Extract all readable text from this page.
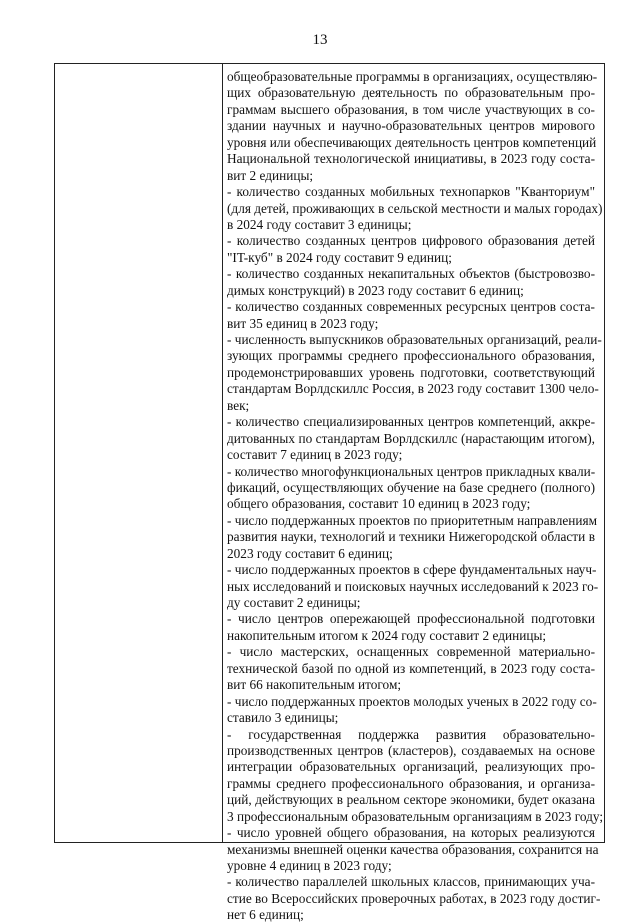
13
общеобразовательные программы в организациях, осуществляю-
щих образовательную деятельность по образовательным про-
граммам высшего образования, в том числе участвующих в со-
здании научных и научно-образовательных центров мирового
уровня или обеспечивающих деятельность центров компетенций
Национальной технологической инициативы, в 2023 году соста-
вит 2 единицы;
- количество созданных мобильных технопарков "Кванториум"
(для детей, проживающих в сельской местности и малых городах)
в 2024 году составит 3 единицы;
- количество созданных центров цифрового образования детей
"IT-куб" в 2024 году составит 9 единиц;
- количество созданных некапитальных объектов (быстровозво-
димых конструкций) в 2023 году составит 6 единиц;
- количество созданных современных ресурсных центров соста-
вит 35 единиц в 2023 году;
- численность выпускников образовательных организаций, реали-
зующих программы среднего профессионального образования,
продемонстрировавших уровень подготовки, соответствующий
стандартам Ворлдскиллс Россия, в 2023 году составит 1300 чело-
век;
- количество специализированных центров компетенций, аккре-
дитованных по стандартам Ворлдскиллс (нарастающим итогом),
составит 7 единиц в 2023 году;
- количество многофункциональных центров прикладных квали-
фикаций, осуществляющих обучение на базе среднего (полного)
общего образования, составит 10 единиц в 2023 году;
- число поддержанных проектов по приоритетным направлениям
развития науки, технологий и техники Нижегородской области в
2023 году составит 6 единиц;
- число поддержанных проектов в сфере фундаментальных науч-
ных исследований и поисковых научных исследований к 2023 го-
ду составит 2 единицы;
- число центров опережающей профессиональной подготовки
накопительным итогом к 2024 году составит 2 единицы;
- число мастерских, оснащенных современной материально-
технической базой по одной из компетенций, в 2023 году соста-
вит 66 накопительным итогом;
- число поддержанных проектов молодых ученых в 2022 году со-
ставило 3 единицы;
- государственная поддержка развития образовательно-
производственных центров (кластеров), создаваемых на основе
интеграции образовательных организаций, реализующих про-
граммы среднего профессионального образования, и организа-
ций, действующих в реальном секторе экономики, будет оказана
3 профессиональным образовательным организациям в 2023 году;
- число уровней общего образования, на которых реализуются
механизмы внешней оценки качества образования, сохранится на
уровне 4 единиц в 2023 году;
- количество параллелей школьных классов, принимающих уча-
стие во Всероссийских проверочных работах, в 2023 году достиг-
нет 6 единиц;
